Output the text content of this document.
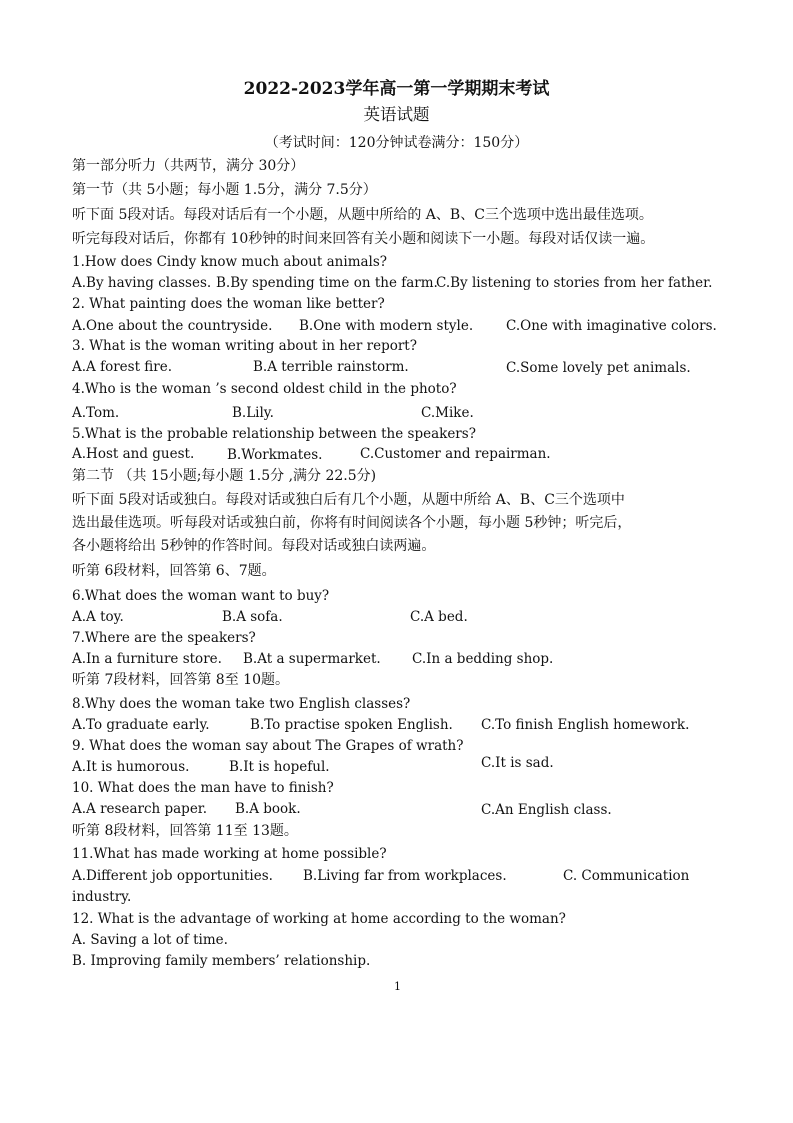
2022-2023学年高一第一学期期末考试
英语试题
（考试时间：120分钟试卷满分：150分）
第一部分听力（共两节，满分 30分）
第一节（共 5小题；每小题 1.5分，满分 7.5分）
听下面 5段对话。每段对话后有一个小题，从题中所给的 A、B、C三个选项中选出最佳选项。
听完每段对话后，你都有 10秒钟的时间来回答有关小题和阅读下一小题。每段对话仅读一遍。
1.How does Cindy know much about animals?
A.By having classes. B.By spending time on the farm.
C.By listening to stories from her father.
2. What painting does the woman like better?
A.One about the countryside. B.One with modern style. C.One with imaginative colors.
3. What is the woman writing about in her report?
A.A forest fire.	B.A terrible rainstorm.	C.Some lovely pet animals.
4.Who is the woman ’s second oldest child in the photo?
A.Tom.	B.Lily.	C.Mike.
5.What is the probable relationship between the speakers?
A.Host and guest. B.Workmates.	C.Customer and repairman.
第二节 （共 15小题;每小题 1.5分 ,满分 22.5分)
听下面 5段对话或独白。每段对话或独白后有几个小题，从题中所给 A、B、C三个选项中
选出最佳选项。听每段对话或独白前，你将有时间阅读各个小题，每小题 5秒钟；听完后，
各小题将给出 5秒钟的作答时间。每段对话或独白读两遍。
听第 6段材料，回答第 6、7题。
6.What does the woman want to buy?
A.A toy.	B.A sofa.	C.A bed.
7.Where are the speakers?
A.In a furniture store. B.At a supermarket. C.In a bedding shop.
听第 7段材料，回答第 8至 10题。
8.Why does the woman take two English classes?
A.To graduate early.	B.To practise spoken English. C.To finish English homework.
9. What does the woman say about The Grapes of wrath?
A.It is humorous.	B.It is hopeful.	C.It is sad.
10. What does the man have to finish?
A.A research paper. B.A book.	C.An English class.
听第 8段材料，回答第 11至 13题。
11.What has made working at home possible?
A.Different job opportunities. B.Living far from workplaces.	C. Communication
industry.
12. What is the advantage of working at home according to the woman?
A. Saving a lot of time.
B. Improving family members’ relationship.
1
